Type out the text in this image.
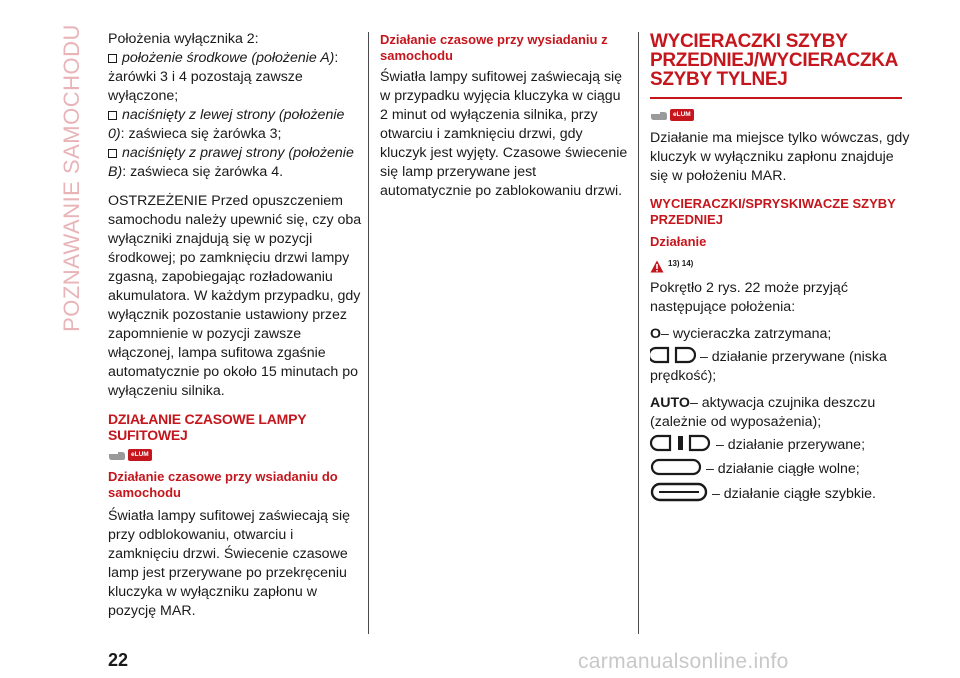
POZNAWANIE SAMOCHODU Położenia wyłącznika 2:

położenie środkowe (położenie A): żarówki 3 i 4 pozostają zawsze wyłączone;

naciśnięty z lewej strony (położenie 0): zaświeca się żarówka 3;

naciśnięty z prawej strony (położenie B): zaświeca się żarówka 4.

OSTRZEŻENIE Przed opuszczeniem samochodu należy upewnić się, czy oba wyłączniki znajdują się w pozycji środkowej; po zamknięciu drzwi lampy zgasną, zapobiegając rozładowaniu akumulatora. W każdym przypadku, gdy wyłącznik pozostanie ustawiony przez zapomnienie w pozycji zawsze włączonej, lampa sufitowa zgaśnie automatycznie po około 15 minutach po wyłączeniu silnika.

DZIAŁANIE CZASOWE LAMPY SUFITOWEJ
eLUM
Działanie czasowe przy wsiadaniu do samochodu

Światła lampy sufitowej zaświecają się przy odblokowaniu, otwarciu i zamknięciu drzwi. Świecenie czasowe lamp jest przerywane po przekręceniu kluczyka w wyłączniku zapłonu w pozycję MAR.

Działanie czasowe przy wysiadaniu z samochodu

Światła lampy sufitowej zaświecają się w przypadku wyjęcia kluczyka w ciągu 2 minut od wyłączenia silnika, przy otwarciu i zamknięciu drzwi, gdy kluczyk jest wyjęty. Czasowe świecenie się lamp przerywane jest automatycznie po zablokowaniu drzwi.

WYCIERACZKI SZYBY PRZEDNIEJ/WYCIERACZKA SZYBY TYLNEJ
eLUM

Działanie ma miejsce tylko wówczas, gdy kluczyk w wyłączniku zapłonu znajduje się w położeniu MAR.

WYCIERACZKI/SPRYSKIWACZE SZYBY PRZEDNIEJ
Działanie
13) 14)

Pokrętło 2 rys. 22 może przyjąć następujące położenia:

O– wycieraczka zatrzymana;

– działanie przerywane (niska prędkość);

AUTO– aktywacja czujnika deszczu (zależnie od wyposażenia);

– działanie przerywane;

– działanie ciągłe wolne;

– działanie ciągłe szybkie.

22	carmanualsonline.info
